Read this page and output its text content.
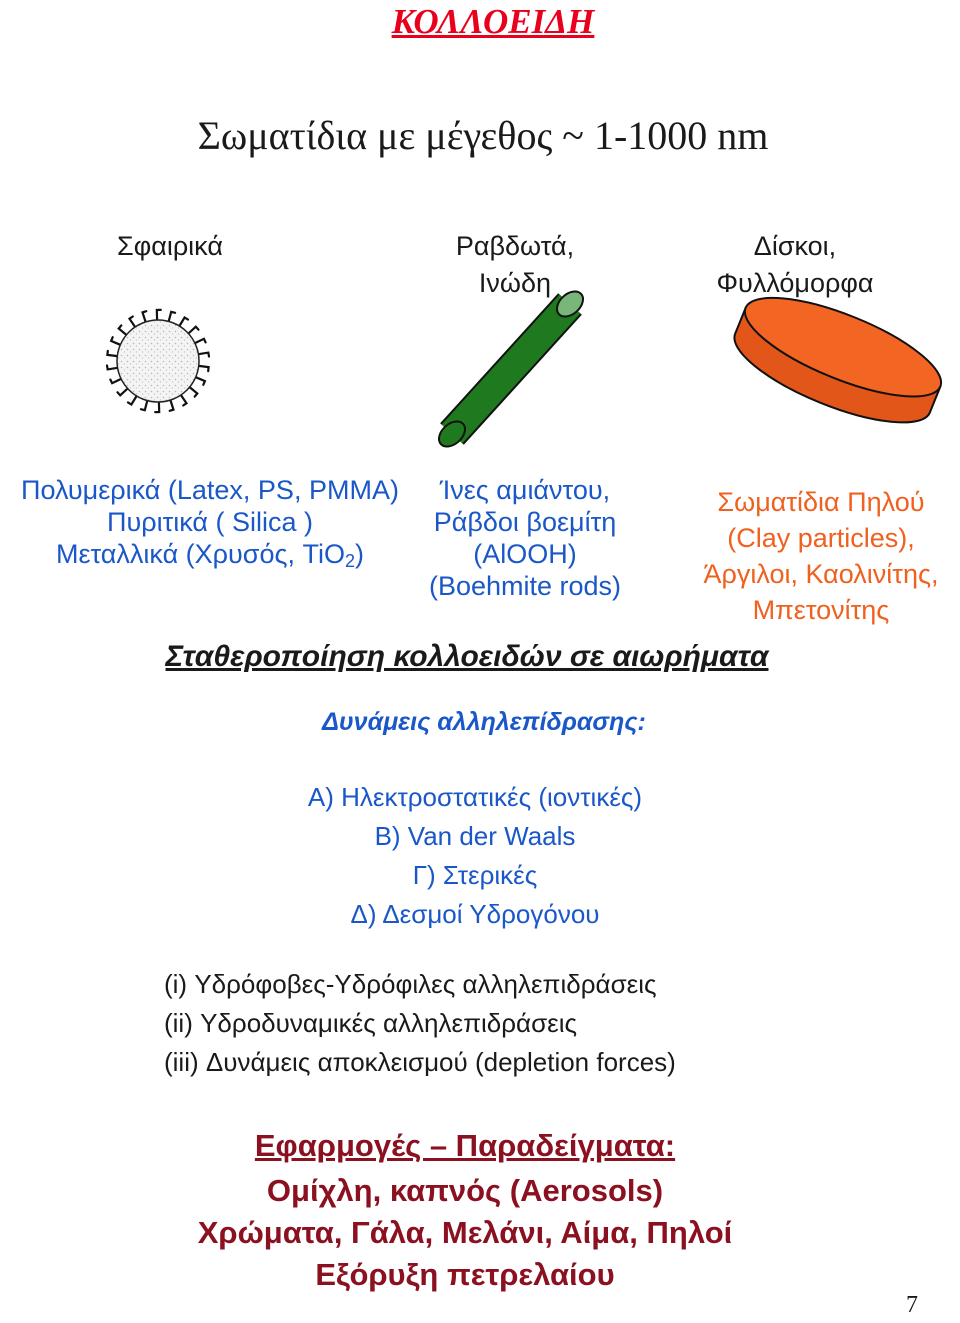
ΚΟΛΛΟΕΙΔΗ
Σωματίδια με μέγεθος ~ 1-1000 nm
Σφαιρικά	Ραβδωτά,
Ινώδη
Δίσκοι,
Φυλλόμορφα
Πολυμερικά (Latex, PS, PMMA)
Πυριτικά ( Silica )
Μεταλλικά (Χρυσός, TiO$_2$)
Ίνες αμιάντου,
Ράβδοι βοεμίτη
(AlOOH)
(Boehmite rods)
Σωματίδια Πηλού
(Clay particles),
Άργιλοι, Καολινίτης,
Μπετονίτης
Σταθεροποίηση κολλοειδών σε αιωρήματα
Δυνάμεις αλληλεπίδρασης:
Α) Ηλεκτροστατικές (ιοντικές)
Β) Van der Waals
Γ) Στερικές
Δ) Δεσμοί Υδρογόνου
(i) Υδρόφοβες-Υδρόφιλες αλληλεπιδράσεις
(ii) Υδροδυναμικές αλληλεπιδράσεις
(iii) Δυνάμεις αποκλεισμού (depletion forces)
Εφαρμογές – Παραδείγματα:
Ομίχλη, καπνός (Aerosols)
Χρώματα, Γάλα, Μελάνι, Αίμα, Πηλοί
Εξόρυξη πετρελαίου
7
